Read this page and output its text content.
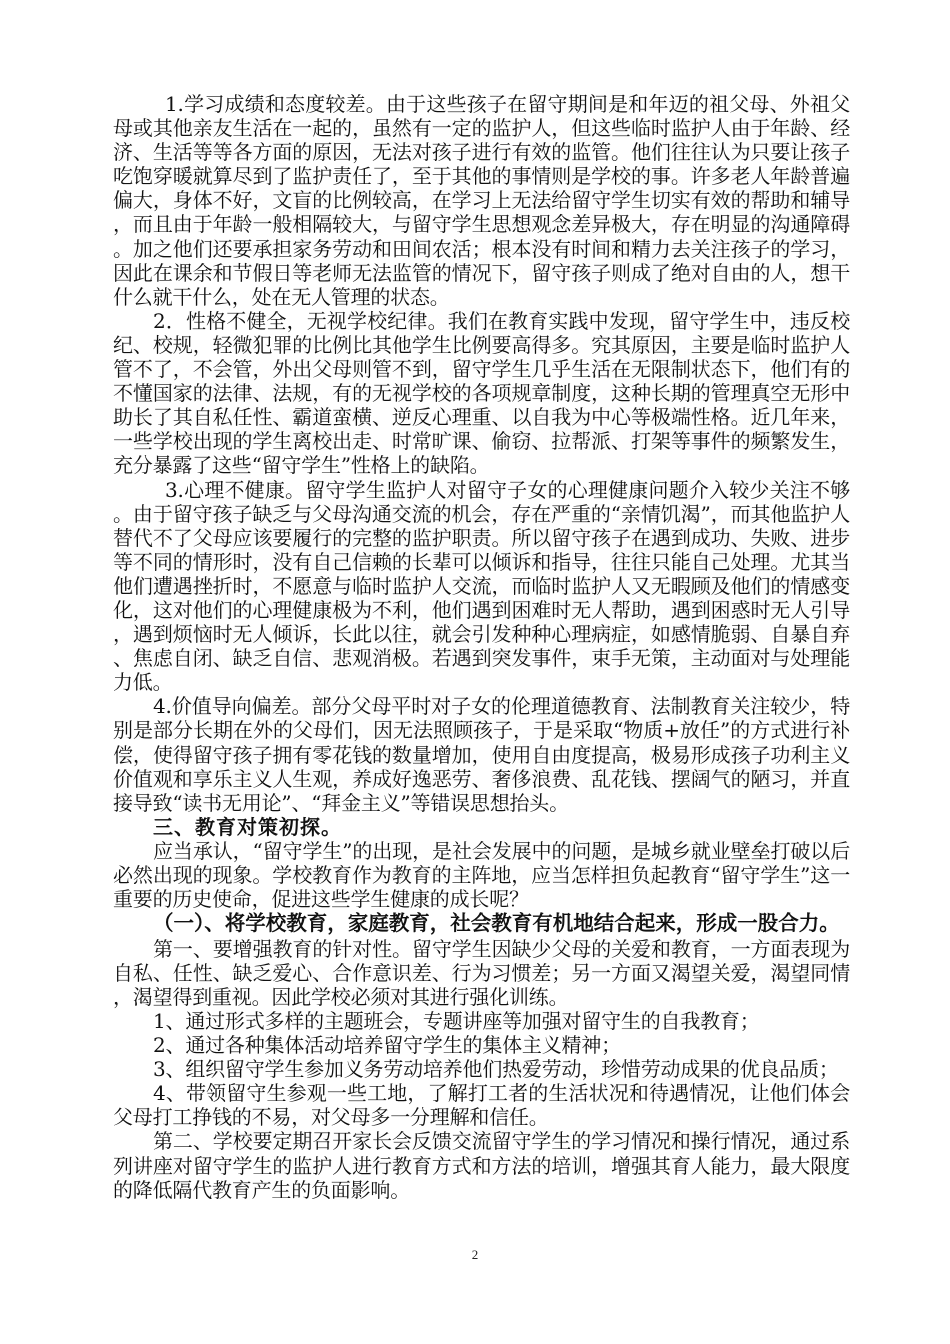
1.学习成绩和态度较差。由于这些孩子在留守期间是和年迈的祖父母、外祖父母或其他亲友生活在一起的，虽然有一定的监护人，但这些临时监护人由于年龄、经济、生活等等各方面的原因，无法对孩子进行有效的监管。他们往往认为只要让孩子吃饱穿暖就算尽到了监护责任了，至于其他的事情则是学校的事。许多老人年龄普遍偏大，身体不好，文盲的比例较高，在学习上无法给留守学生切实有效的帮助和辅导，而且由于年龄一般相隔较大，与留守学生思想观念差异极大，存在明显的沟通障碍。加之他们还要承担家务劳动和田间农活；根本没有时间和精力去关注孩子的学习，因此在课余和节假日等老师无法监管的情况下，留守孩子则成了绝对自由的人，想干什么就干什么，处在无人管理的状态。

2．性格不健全，无视学校纪律。我们在教育实践中发现，留守学生中，违反校纪、校规，轻微犯罪的比例比其他学生比例要高得多。究其原因，主要是临时监护人管不了，不会管，外出父母则管不到，留守学生几乎生活在无限制状态下，他们有的不懂国家的法律、法规，有的无视学校的各项规章制度，这种长期的管理真空无形中助长了其自私任性、霸道蛮横、逆反心理重、以自我为中心等极端性格。近几年来，一些学校出现的学生离校出走、时常旷课、偷窃、拉帮派、打架等事件的频繁发生，充分暴露了这些“留守学生”性格上的缺陷。

3.心理不健康。留守学生监护人对留守子女的心理健康问题介入较少关注不够。由于留守孩子缺乏与父母沟通交流的机会，存在严重的“亲情饥渴”，而其他监护人替代不了父母应该要履行的完整的监护职责。所以留守孩子在遇到成功、失败、进步等不同的情形时，没有自己信赖的长辈可以倾诉和指导，往往只能自己处理。尤其当他们遭遇挫折时，不愿意与临时监护人交流，而临时监护人又无暇顾及他们的情感变化，这对他们的心理健康极为不利，他们遇到困难时无人帮助，遇到困惑时无人引导，遇到烦恼时无人倾诉，长此以往，就会引发种种心理病症，如感情脆弱、自暴自弃、焦虑自闭、缺乏自信、悲观消极。若遇到突发事件，束手无策，主动面对与处理能力低。

4.价值导向偏差。部分父母平时对子女的伦理道德教育、法制教育关注较少，特别是部分长期在外的父母们，因无法照顾孩子，于是采取“物质+放任”的方式进行补偿，使得留守孩子拥有零花钱的数量增加，使用自由度提高，极易形成孩子功利主义价值观和享乐主义人生观，养成好逸恶劳、奢侈浪费、乱花钱、摆阔气的陋习，并直接导致“读书无用论”、“拜金主义”等错误思想抬头。

三、教育对策初探。

应当承认，“留守学生”的出现，是社会发展中的问题，是城乡就业壁垒打破以后必然出现的现象。学校教育作为教育的主阵地，应当怎样担负起教育“留守学生”这一重要的历史使命，促进这些学生健康的成长呢？

（一）、将学校教育，家庭教育，社会教育有机地结合起来，形成一股合力。

第一、要增强教育的针对性。留守学生因缺少父母的关爱和教育，一方面表现为自私、任性、缺乏爱心、合作意识差、行为习惯差；另一方面又渴望关爱，渴望同情，渴望得到重视。因此学校必须对其进行强化训练。

1、通过形式多样的主题班会，专题讲座等加强对留守生的自我教育；

2、通过各种集体活动培养留守学生的集体主义精神；

3、组织留守学生参加义务劳动培养他们热爱劳动，珍惜劳动成果的优良品质；

4、带领留守生参观一些工地，了解打工者的生活状况和待遇情况，让他们体会父母打工挣钱的不易，对父母多一分理解和信任。

第二、学校要定期召开家长会反馈交流留守学生的学习情况和操行情况，通过系列讲座对留守学生的监护人进行教育方式和方法的培训，增强其育人能力，最大限度的降低隔代教育产生的负面影响。

2
